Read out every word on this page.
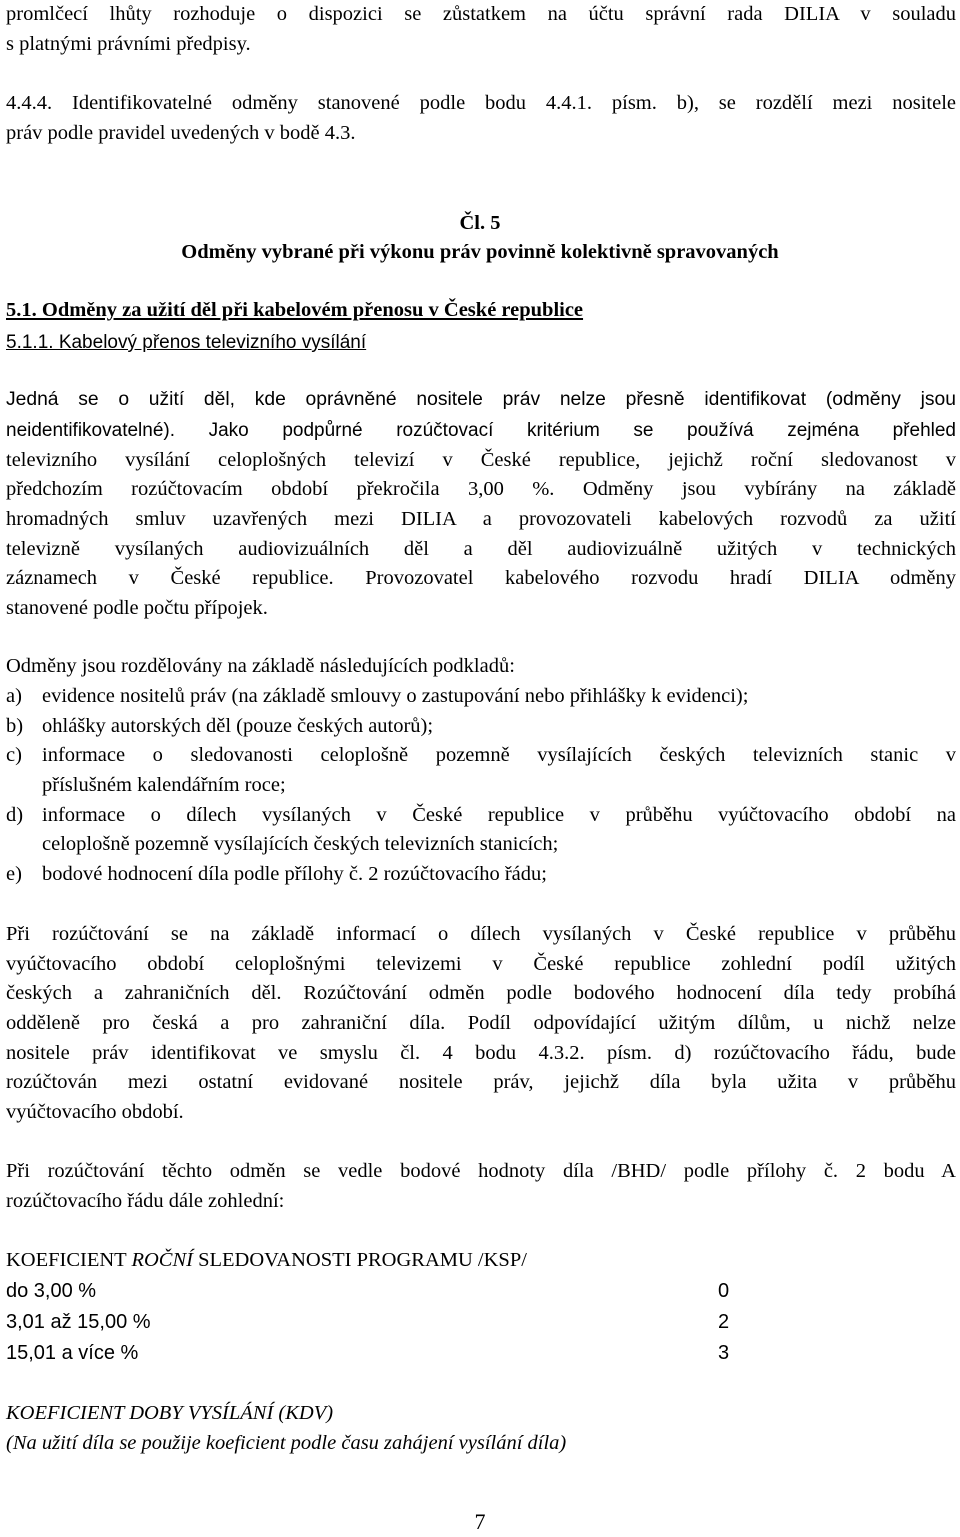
promlčecí lhůty rozhoduje o dispozici se zůstatkem na účtu správní rada DILIA v souladu
s platnými právními předpisy.
4.4.4. Identifikovatelné odměny stanovené podle bodu 4.4.1. písm. b), se rozdělí mezi nositele
práv podle pravidel uvedených v bodě 4.3.
Čl. 5
Odměny vybrané při výkonu práv povinně kolektivně spravovaných
5.1. Odměny za užití děl při kabelovém přenosu v České republice
5.1.1. Kabelový přenos televizního vysílání
Jedná se o užití děl, kde oprávněné nositele práv nelze přesně identifikovat (odměny jsou
neidentifikovatelné). Jako podpůrné rozúčtovací kritérium se používá zejména přehled
televizního vysílání celoplošných televizí v České republice, jejichž roční sledovanost v
předchozím rozúčtovacím období překročila 3,00 %. Odměny jsou vybírány na základě
hromadných smluv uzavřených mezi DILIA a provozovateli kabelových rozvodů za užití
televizně vysílaných audiovizuálních děl a děl audiovizuálně užitých v technických
záznamech v České republice. Provozovatel kabelového rozvodu hradí DILIA odměny
stanovené podle počtu přípojek.
Odměny jsou rozdělovány na základě následujících podkladů:
a) evidence nositelů práv (na základě smlouvy o zastupování nebo přihlášky k evidenci);
b) ohlášky autorských děl (pouze českých autorů);
c) informace o sledovanosti celoplošně pozemně vysílajících českých televizních stanic v
příslušném kalendářním roce;
d) informace o dílech vysílaných v České republice v průběhu vyúčtovacího období na
celoplošně pozemně vysílajících českých televizních stanicích;
e) bodové hodnocení díla podle přílohy č. 2 rozúčtovacího řádu;
Při rozúčtování se na základě informací o dílech vysílaných v České republice v průběhu
vyúčtovacího období celoplošnými televizemi v České republice zohlední podíl užitých
českých a zahraničních děl. Rozúčtování odměn podle bodového hodnocení díla tedy probíhá
odděleně pro česká a pro zahraniční díla. Podíl odpovídající užitým dílům, u nichž nelze
nositele práv identifikovat ve smyslu čl. 4 bodu 4.3.2. písm. d) rozúčtovacího řádu, bude
rozúčtován mezi ostatní evidované nositele práv, jejichž díla byla užita v průběhu
vyúčtovacího období.
Při rozúčtování těchto odměn se vedle bodové hodnoty díla /BHD/ podle přílohy č. 2 bodu A
rozúčtovacího řádu dále zohlední:
KOEFICIENT ROČNÍ SLEDOVANOSTI PROGRAMU /KSP/
do 3,00 %	0
3,01 až 15,00 %	2
15,01 a více %	3
KOEFICIENT DOBY VYSÍLÁNÍ (KDV)
(Na užití díla se použije koeficient podle času zahájení vysílání díla)
7
